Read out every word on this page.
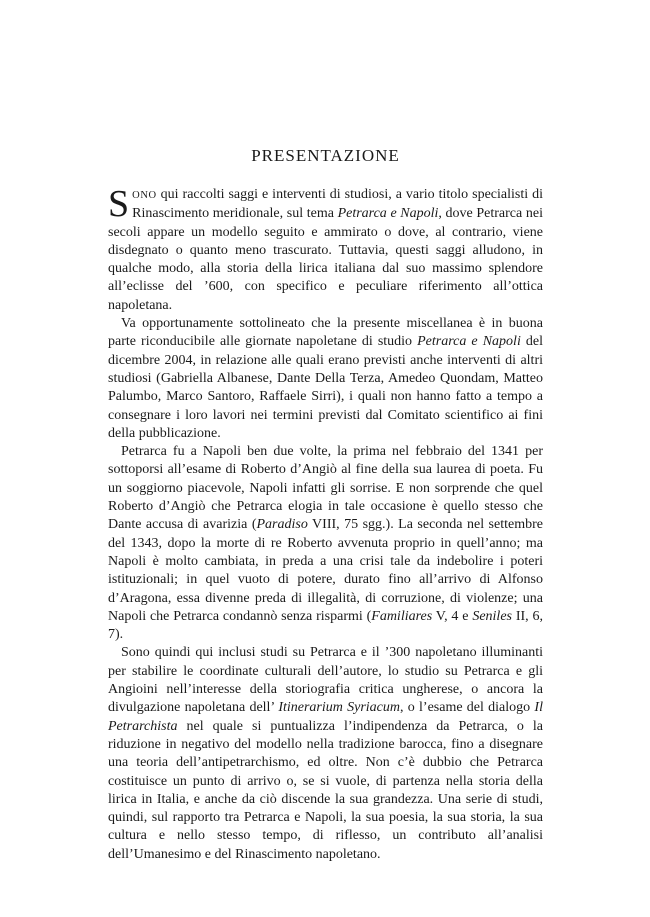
PRESENTAZIONE

SONO qui raccolti saggi e interventi di studiosi, a vario titolo specialisti di Rinascimento meridionale, sul tema Petrarca e Napoli, dove Petrarca nei secoli appare un modello seguito e ammirato o dove, al contrario, viene disdegnato o quanto meno trascurato. Tuttavia, questi saggi alludono, in qualche modo, alla storia della lirica italiana dal suo massimo splendore all’eclisse del ’600, con specifico e peculiare riferimento all’ottica napoletana.

Va opportunamente sottolineato che la presente miscellanea è in buona parte riconducibile alle giornate napoletane di studio Petrarca e Napoli del dicembre 2004, in relazione alle quali erano previsti anche interventi di altri studiosi (Gabriella Albanese, Dante Della Terza, Amedeo Quondam, Matteo Palumbo, Marco Santoro, Raffaele Sirri), i quali non hanno fatto a tempo a consegnare i loro lavori nei termini previsti dal Comitato scientifico ai fini della pubblicazione.

Petrarca fu a Napoli ben due volte, la prima nel febbraio del 1341 per sottoporsi all’esame di Roberto d’Angiò al fine della sua laurea di poeta. Fu un soggiorno piacevole, Napoli infatti gli sorrise. E non sorprende che quel Roberto d’Angiò che Petrarca elogia in tale occasione è quello stesso che Dante accusa di avarizia (Paradiso VIII, 75 sgg.). La seconda nel settembre del 1343, dopo la morte di re Roberto avvenuta proprio in quell’anno; ma Napoli è molto cambiata, in preda a una crisi tale da indebolire i poteri istituzionali; in quel vuoto di potere, durato fino all’arrivo di Alfonso d’Aragona, essa divenne preda di illegalità, di corruzione, di violenze; una Napoli che Petrarca condannò senza risparmi (Familiares V, 4 e Seniles II, 6, 7).

Sono quindi qui inclusi studi su Petrarca e il ’300 napoletano illuminanti per stabilire le coordinate culturali dell’autore, lo studio su Petrarca e gli Angioini nell’interesse della storiografia critica ungherese, o ancora la divulgazione napoletana dell’ Itinerarium Syriacum, o l’esame del dialogo Il Petrarchista nel quale si puntualizza l’indipendenza da Petrarca, o la riduzione in negativo del modello nella tradizione barocca, fino a disegnare una teoria dell’antipetrarchismo, ed oltre. Non c’è dubbio che Petrarca costituisce un punto di arrivo o, se si vuole, di partenza nella storia della lirica in Italia, e anche da ciò discende la sua grandezza. Una serie di studi, quindi, sul rapporto tra Petrarca e Napoli, la sua poesia, la sua storia, la sua cultura e nello stesso tempo, di riflesso, un contributo all’analisi dell’Umanesimo e del Rinascimento napoletano.
